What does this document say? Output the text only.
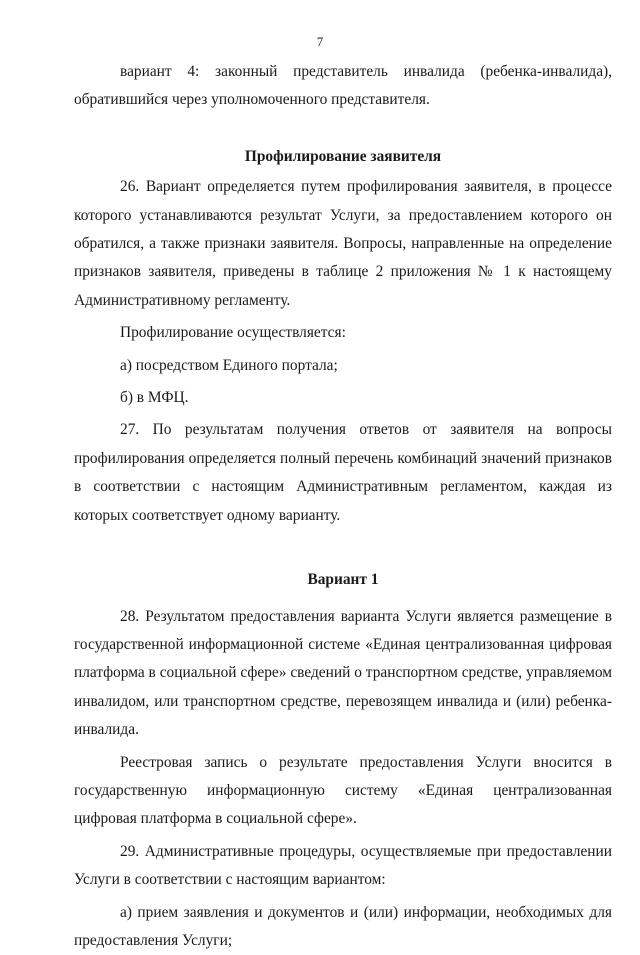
7

вариант 4: законный представитель инвалида (ребенка-инвалида), обратившийся через уполномоченного представителя.

Профилирование заявителя

26. Вариант определяется путем профилирования заявителя, в процессе которого устанавливаются результат Услуги, за предоставлением которого он обратился, а также признаки заявителя. Вопросы, направленные на определение признаков заявителя, приведены в таблице 2 приложения № 1 к настоящему Административному регламенту.

Профилирование осуществляется:

а) посредством Единого портала;

б) в МФЦ.

27. По результатам получения ответов от заявителя на вопросы профилирования определяется полный перечень комбинаций значений признаков в соответствии с настоящим Административным регламентом, каждая из которых соответствует одному варианту.

Вариант 1

28. Результатом предоставления варианта Услуги является размещение в государственной информационной системе «Единая централизованная цифровая платформа в социальной сфере» сведений о транспортном средстве, управляемом инвалидом, или транспортном средстве, перевозящем инвалида и (или) ребенка-инвалида.

Реестровая запись о результате предоставления Услуги вносится в государственную информационную систему «Единая централизованная цифровая платформа в социальной сфере».

29. Административные процедуры, осуществляемые при предоставлении Услуги в соответствии с настоящим вариантом:

а) прием заявления и документов и (или) информации, необходимых для предоставления Услуги;
